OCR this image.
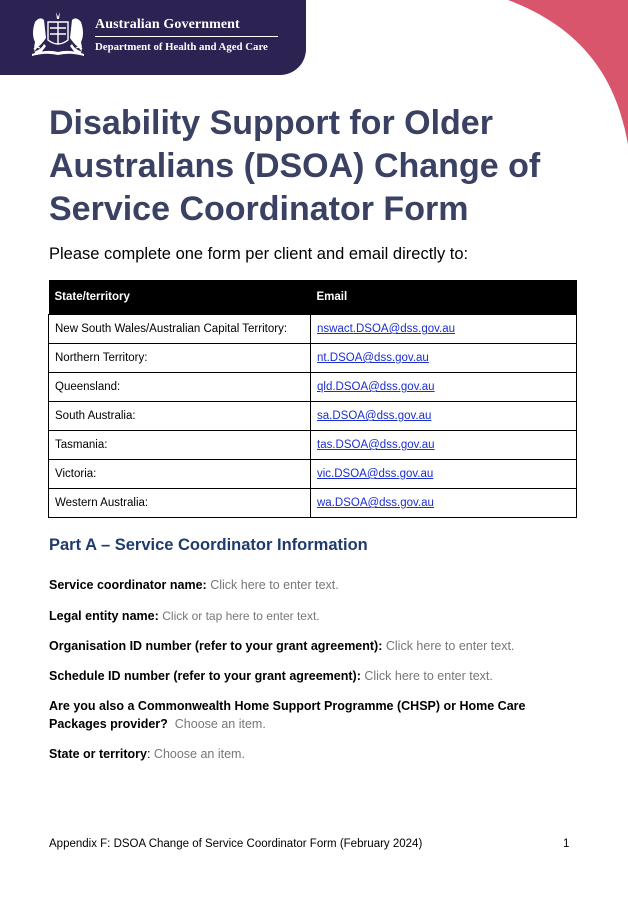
Australian Government
Department of Health and Aged Care
Disability Support for Older
Australians (DSOA) Change of
Service Coordinator Form

Please complete one form per client and email directly to:

State/territory	Email
New South Wales/Australian Capital Territory:	nswact.DSOA@dss.gov.au
Northern Territory:	nt.DSOA@dss.gov.au
Queensland:	qld.DSOA@dss.gov.au
South Australia:	sa.DSOA@dss.gov.au
Tasmania:	tas.DSOA@dss.gov.au
Victoria:	vic.DSOA@dss.gov.au
Western Australia:	wa.DSOA@dss.gov.au
Part A – Service Coordinator Information

Service coordinator name: Click here to enter text.

Legal entity name: Click or tap here to enter text.

Organisation ID number (refer to your grant agreement): Click here to enter text.

Schedule ID number (refer to your grant agreement): Click here to enter text.

Are you also a Commonwealth Home Support Programme (CHSP) or Home Care
Packages provider? Choose an item.

State or territory: Choose an item.

Appendix F: DSOA Change of Service Coordinator Form (February 2024)	1
